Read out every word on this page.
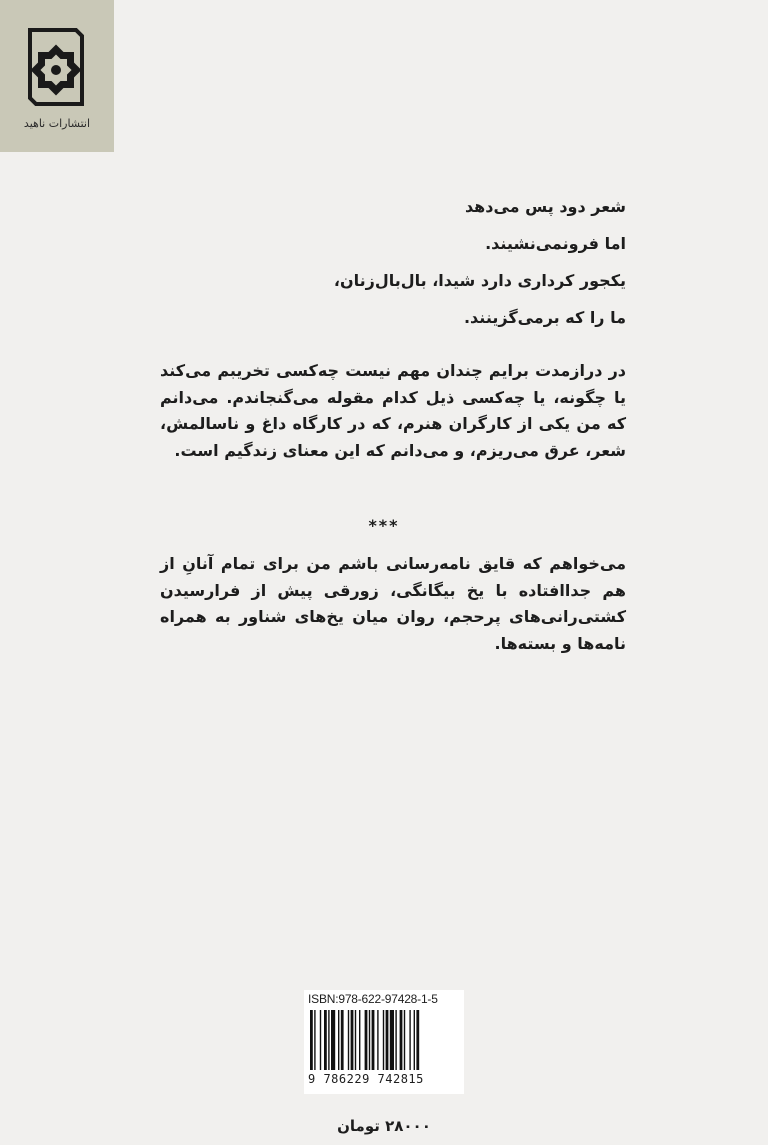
انتشارات ناهید
شعر دود پس می‌دهد
اما فرونمی‌نشیند.
یکجور کرداری دارد شیدا، بال‌بال‌زنان،
ما را که برمی‌گزینند.
در درازمدت برایم چندان مهم نیست چه‌کسی تخریبم می‌کند یا چگونه، یا چه‌کسی ذیل کدام مقوله می‌گنجاندم. می‌دانم که من یکی از کارگران هنرم، که در کارگاه داغ و ناسالمش، شعر، عرق می‌ریزم، و می‌دانم که این معنای زندگیم است.
***
می‌خواهم که قایق نامه‌رسانی باشم من برای تمام آنانِ از هم جداافتاده با یخ بیگانگی، زورقی پیش از فرارسیدن کشتی‌رانی‌های پرحجم، روان میان یخ‌های شناور به همراه نامه‌ها و بسته‌ها.
ISBN:978-622-97428-1-5
9 786229 742815
۲۸۰۰۰ تومان
